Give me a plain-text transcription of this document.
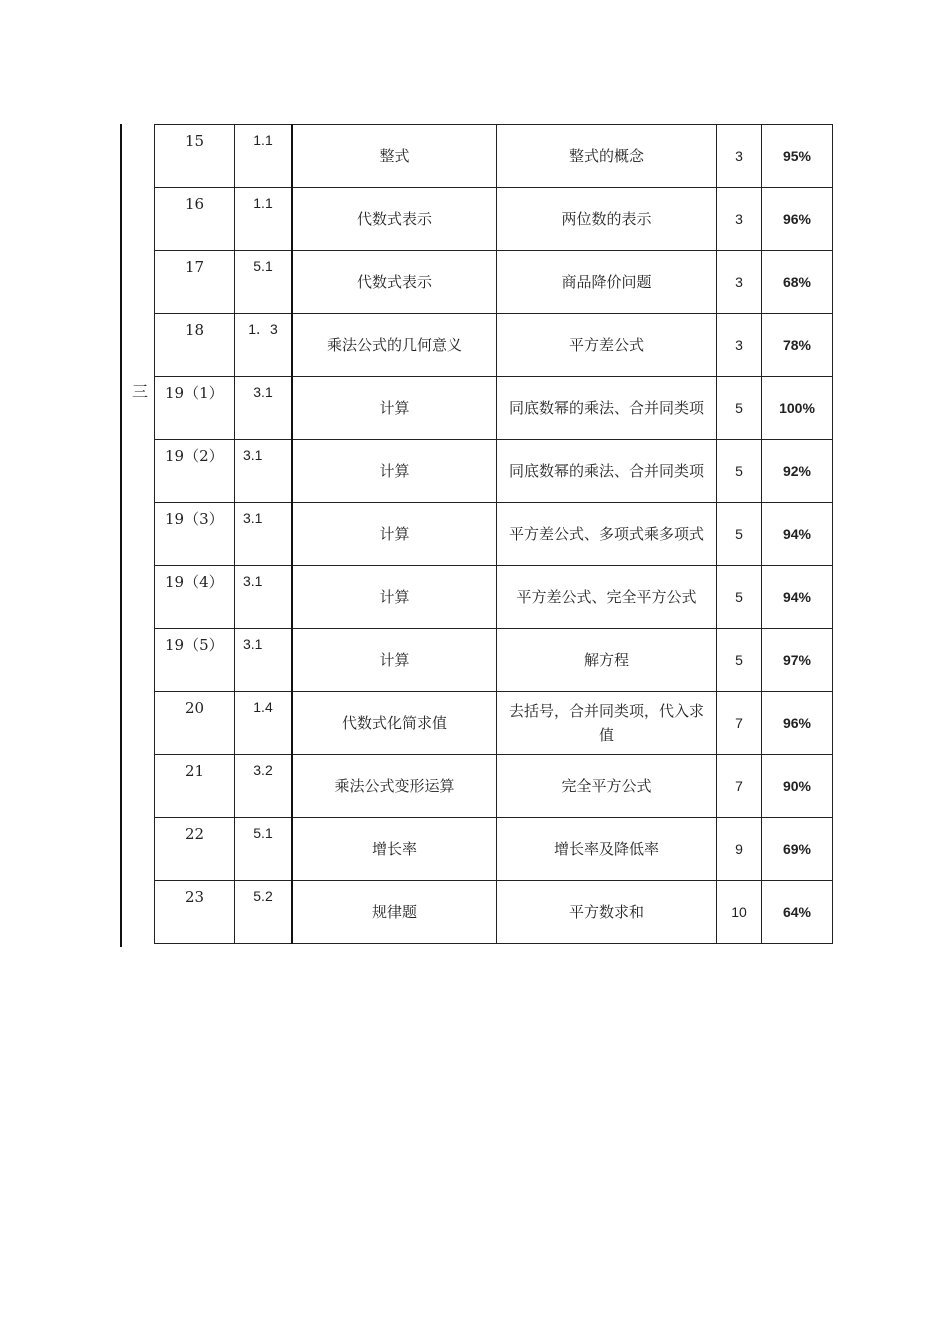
三
15	1.1	整式	整式的概念	3	95%
16	1.1	代数式表示	两位数的表示	3	96%
17	5.1	代数式表示	商品降价问题	3	68%
18	1．3	乘法公式的几何意义	平方差公式	3	78%
19（1）	3.1	计算	同底数幂的乘法、合并同类项	5	100%
19（2）	3.1	计算	同底数幂的乘法、合并同类项	5	92%
19（3）	3.1	计算	平方差公式、多项式乘多项式	5	94%
19（4）	3.1	计算	平方差公式、完全平方公式	5	94%
19（5）	3.1	计算	解方程	5	97%
20	1.4	代数式化简求值	去括号，合并同类项，代入求值	7	96%
21	3.2	乘法公式变形运算	完全平方公式	7	90%
22	5.1	增长率	增长率及降低率	9	69%
23	5.2	规律题	平方数求和	10	64%
